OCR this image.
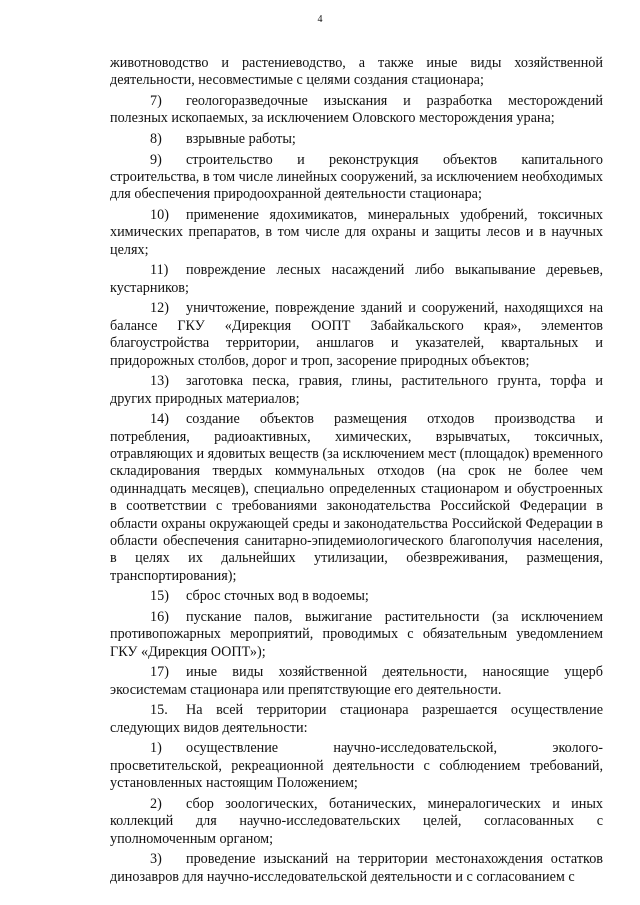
4

животноводство и растениеводство, а также иные виды хозяйственной деятельности, несовместимые с целями создания стационара;

7) геологоразведочные изыскания и разработка месторождений полезных ископаемых, за исключением Оловского месторождения урана;

8) взрывные работы;

9) строительство и реконструкция объектов капитального строительства, в том числе линейных сооружений, за исключением необходимых для обеспечения природоохранной деятельности стационара;

10) применение ядохимикатов, минеральных удобрений, токсичных химических препаратов, в том числе для охраны и защиты лесов и в научных целях;

11) повреждение лесных насаждений либо выкапывание деревьев, кустарников;

12) уничтожение, повреждение зданий и сооружений, находящихся на балансе ГКУ «Дирекция ООПТ Забайкальского края», элементов благоустройства территории, аншлагов и указателей, квартальных и придорожных столбов, дорог и троп, засорение природных объектов;

13) заготовка песка, гравия, глины, растительного грунта, торфа и других природных материалов;

14) создание объектов размещения отходов производства и потребления, радиоактивных, химических, взрывчатых, токсичных, отравляющих и ядовитых веществ (за исключением мест (площадок) временного складирования твердых коммунальных отходов (на срок не более чем одиннадцать месяцев), специально определенных стационаром и обустроенных в соответствии с требованиями законодательства Российской Федерации в области охраны окружающей среды и законодательства Российской Федерации в области обеспечения санитарно-эпидемиологического благополучия населения, в целях их дальнейших утилизации, обезвреживания, размещения, транспортирования);

15) сброс сточных вод в водоемы;

16) пускание палов, выжигание растительности (за исключением противопожарных мероприятий, проводимых с обязательным уведомлением ГКУ «Дирекция ООПТ»);

17) иные виды хозяйственной деятельности, наносящие ущерб экосистемам стационара или препятствующие его деятельности.

15. На всей территории стационара разрешается осуществление следующих видов деятельности:

1) осуществление научно-исследовательской, эколого-просветительской, рекреационной деятельности с соблюдением требований, установленных настоящим Положением;

2) сбор зоологических, ботанических, минералогических и иных коллекций для научно-исследовательских целей, согласованных с уполномоченным органом;

3) проведение изысканий на территории местонахождения остатков динозавров для научно-исследовательской деятельности и с согласованием с
